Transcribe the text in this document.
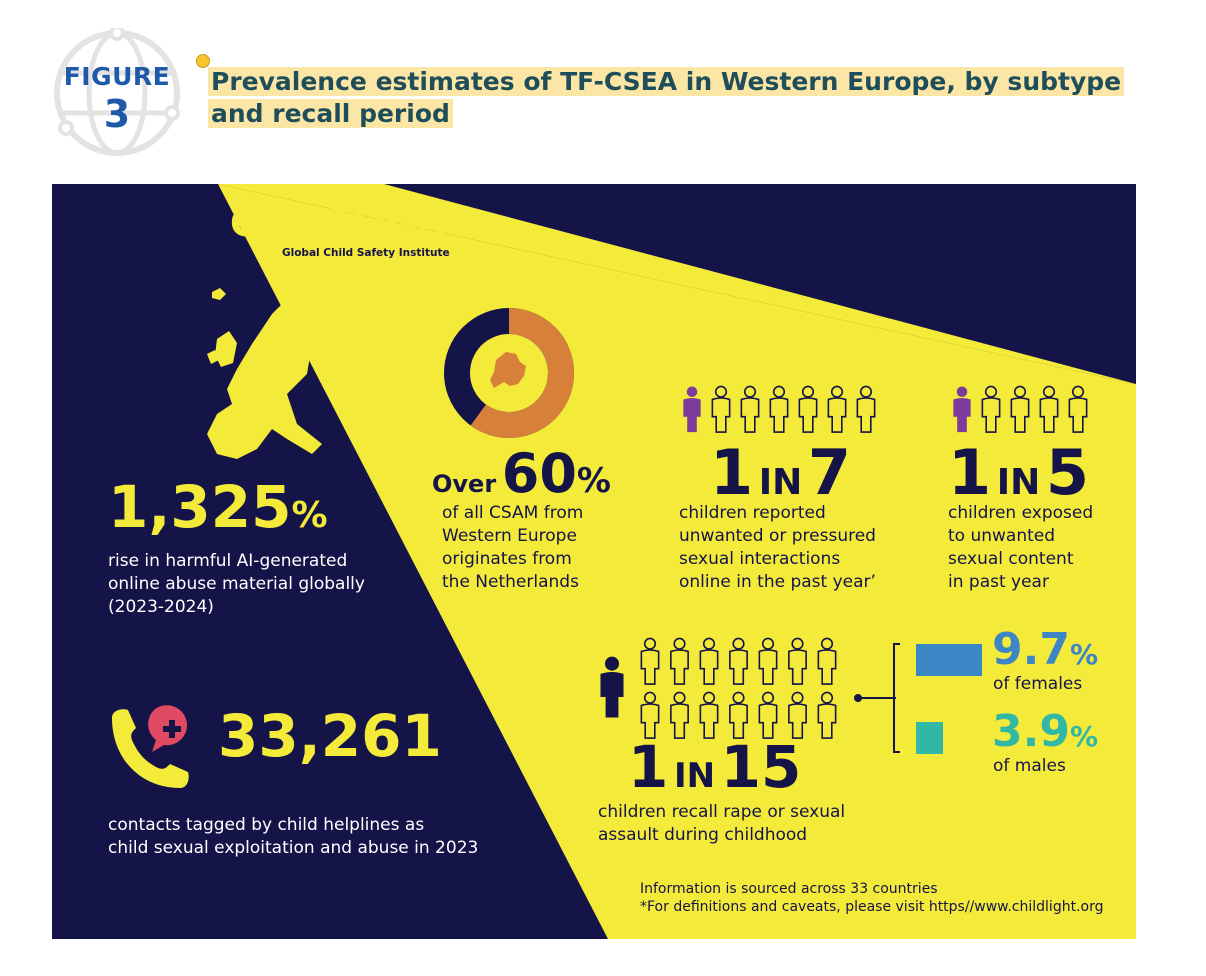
FIGURE
3
Prevalence estimates of TF-CSEA in Western Europe, by subtype and recall period
CHILDLIGHT
Global Child Safety Institute
1,325%
rise in harmful AI-generated
online abuse material globally
(2023-2024)
33,261
contacts tagged by child helplines as
child sexual exploitation and abuse in 2023
Over 60%
of all CSAM from
Western Europe
originates from
the Netherlands
1 IN 7
children reported
unwanted or pressured
sexual interactions
online in the past year’
1 IN 5
children exposed
to unwanted
sexual content
in past year
1 IN 15
children recall rape or sexual
assault during childhood
9.7%
of females
3.9%
of males
Information is sourced across 33 countries
*For definitions and caveats, please visit https//www.childlight.org
